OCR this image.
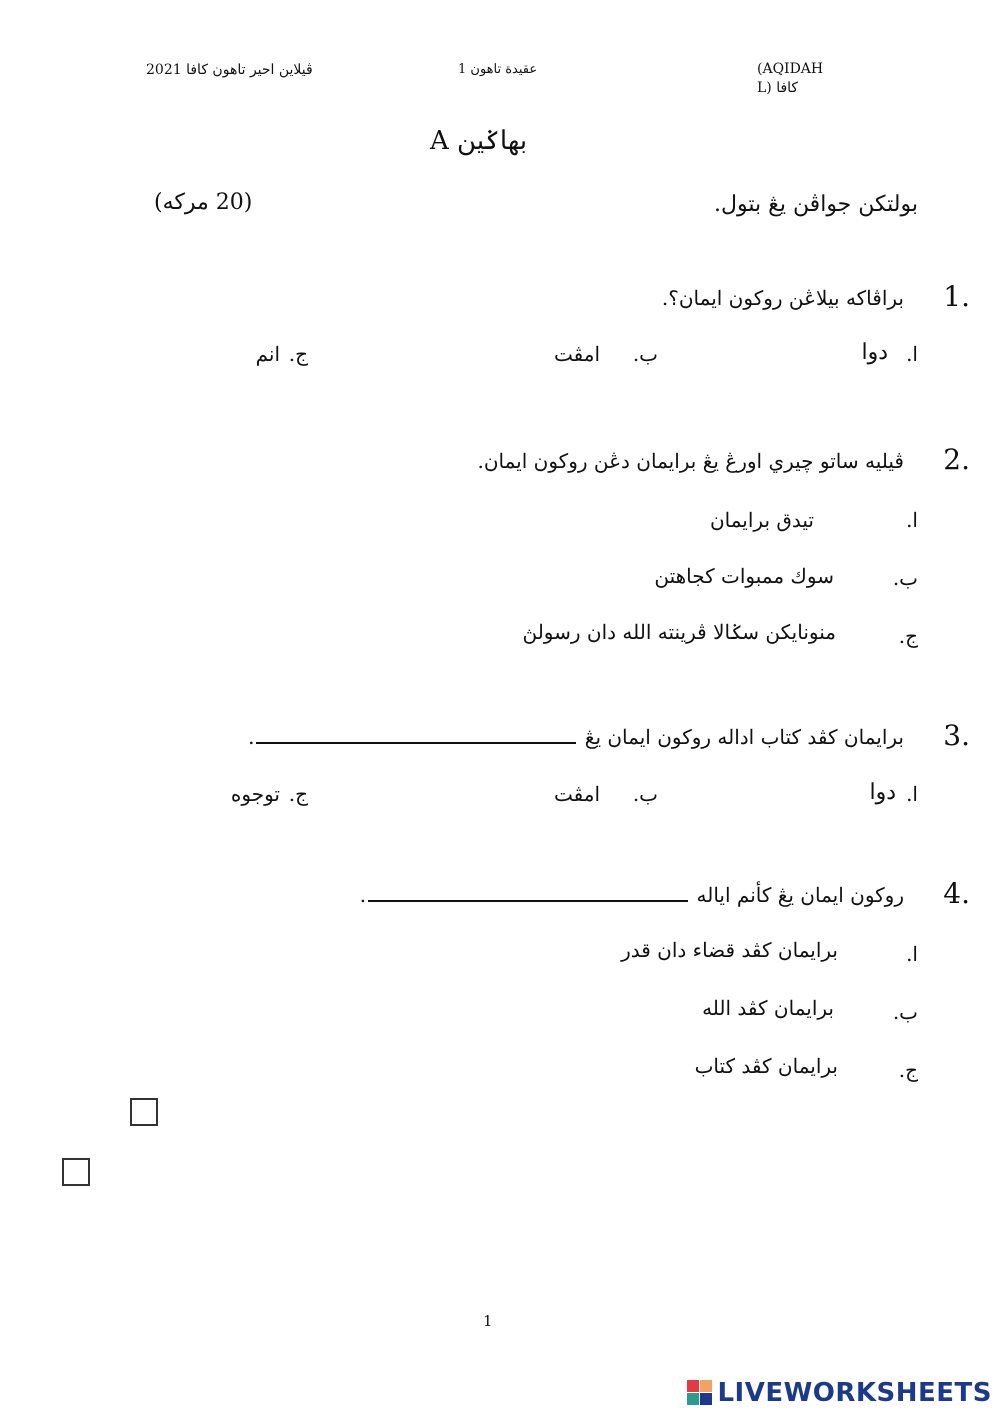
ڤيلاين احير تاهون كافا 2021	عقيدة تاهون 1	(AQIDAH
كافا (L
بهاݢين A
بولتكن جواڤن يڠ بتول.
(20 مركه)
1.
براڤاكه بيلاڠن روكون ايمان؟.
ا.
دوا
ب.
امڤت
ج.
انم
2.
ڤيليه ساتو چيري اورڠ يڠ برايمان دڠن روكون ايمان.
ا.
تيدق برايمان
ب.
سوك ممبوات كجاهتن
ج.
منونايكن سݢالا ڤرينته الله دان رسولڽ
3.
برايمان كڤد كتاب اداله روكون ايمان يڠ .
ا.
دوا
ب.
امڤت
ج.
توجوه
4.
روكون ايمان يڠ كأنم اياله .
ا.
برايمان كڤد قضاء دان قدر
ب.
برايمان كڤد الله
ج.
برايمان كڤد كتاب
1
LIVEWORKSHEETS
